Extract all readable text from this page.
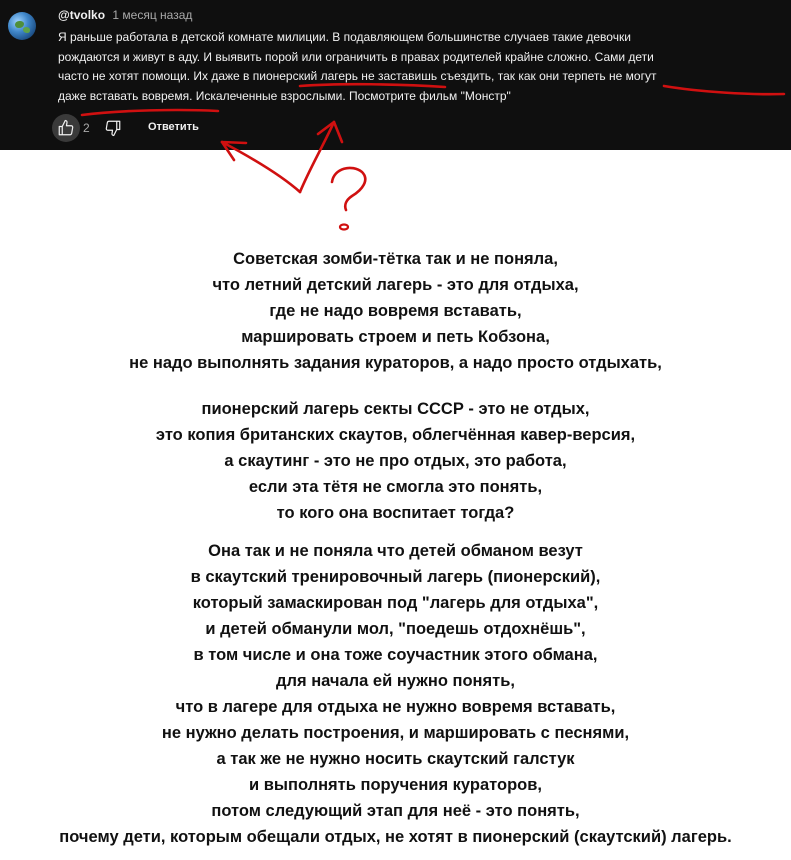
@tvolko 1 месяц назад
Я раньше работала в детской комнате милиции. В подавляющем большинстве случаев такие девочки
рождаются и живут в аду. И выявить порой или ограничить в правах родителей крайне сложно. Сами дети
часто не хотят помощи. Их даже в пионерский лагерь не заставишь съездить, так как они терпеть не могут
даже вставать вовремя. Искалеченные взрослыми. Посмотрите фильм "Монстр"
2	Ответить
Советская зомби-тётка так и не поняла,
что летний детский лагерь - это для отдыха,
где не надо вовремя вставать,
маршировать строем и петь Кобзона,
не надо выполнять задания кураторов, а надо просто отдыхать,
пионерский лагерь секты СССР - это не отдых,
это копия британских скаутов, облегчённая кавер-версия,
а скаутинг - это не про отдых, это работа,
если эта тётя не смогла это понять,
то кого она воспитает тогда?
Она так и не поняла что детей обманом везут
в скаутский тренировочный лагерь (пионерский),
который замаскирован под "лагерь для отдыха",
и детей обманули мол, "поедешь отдохнёшь",
в том числе и она тоже соучастник этого обмана,
для начала ей нужно понять,
что в лагере для отдыха не нужно вовремя вставать,
не нужно делать построения, и маршировать с песнями,
а так же не нужно носить скаутский галстук
и выполнять поручения кураторов,
потом следующий этап для неё - это понять,
почему дети, которым обещали отдых, не хотят в пионерский (скаутский) лагерь.
